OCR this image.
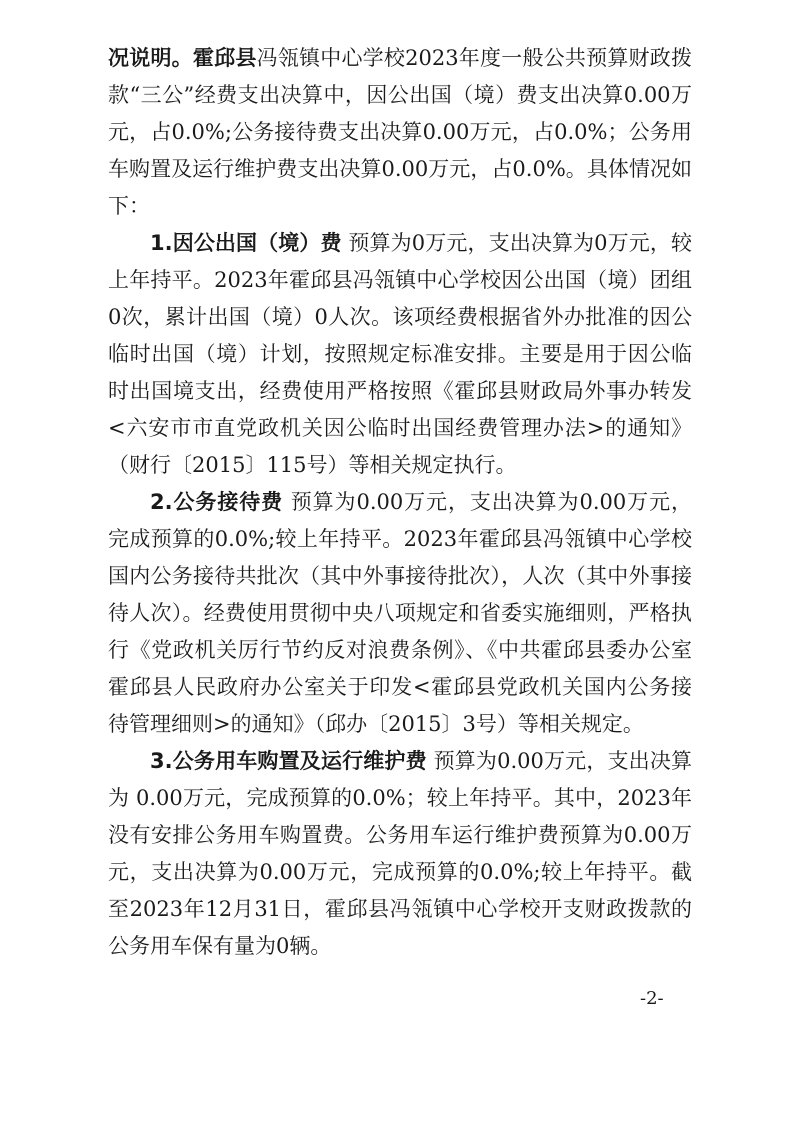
况说明。霍邱县冯瓴镇中心学校2023年度一般公共预算财政拨款“三公”经费支出决算中，因公出国（境）费支出决算0.00万元，占0.0%;公务接待费支出决算0.00万元，占0.0%；公务用车购置及运行维护费支出决算0.00万元，占0.0%。具体情况如下：

1.因公出国（境）费 预算为0万元，支出决算为0万元，较上年持平。2023年霍邱县冯瓴镇中心学校因公出国（境）团组0次，累计出国（境）0人次。该项经费根据省外办批准的因公临时出国（境）计划，按照规定标准安排。主要是用于因公临时出国境支出，经费使用严格按照《霍邱县财政局外事办转发<六安市市直党政机关因公临时出国经费管理办法>的通知》（财行〔2015〕115号）等相关规定执行。

2.公务接待费 预算为0.00万元，支出决算为0.00万元，完成预算的0.0%;较上年持平。2023年霍邱县冯瓴镇中心学校国内公务接待共批次（其中外事接待批次），人次（其中外事接待人次）。经费使用贯彻中央八项规定和省委实施细则，严格执行《党政机关厉行节约反对浪费条例》、《中共霍邱县委办公室 霍邱县人民政府办公室关于印发<霍邱县党政机关国内公务接待管理细则>的通知》（邱办〔2015〕3号）等相关规定。

3.公务用车购置及运行维护费 预算为0.00万元，支出决算为 0.00万元，完成预算的0.0%；较上年持平。其中，2023年没有安排公务用车购置费。公务用车运行维护费预算为0.00万元，支出决算为0.00万元，完成预算的0.0%;较上年持平。截至2023年12月31日，霍邱县冯瓴镇中心学校开支财政拨款的公务用车保有量为0辆。

-2-
